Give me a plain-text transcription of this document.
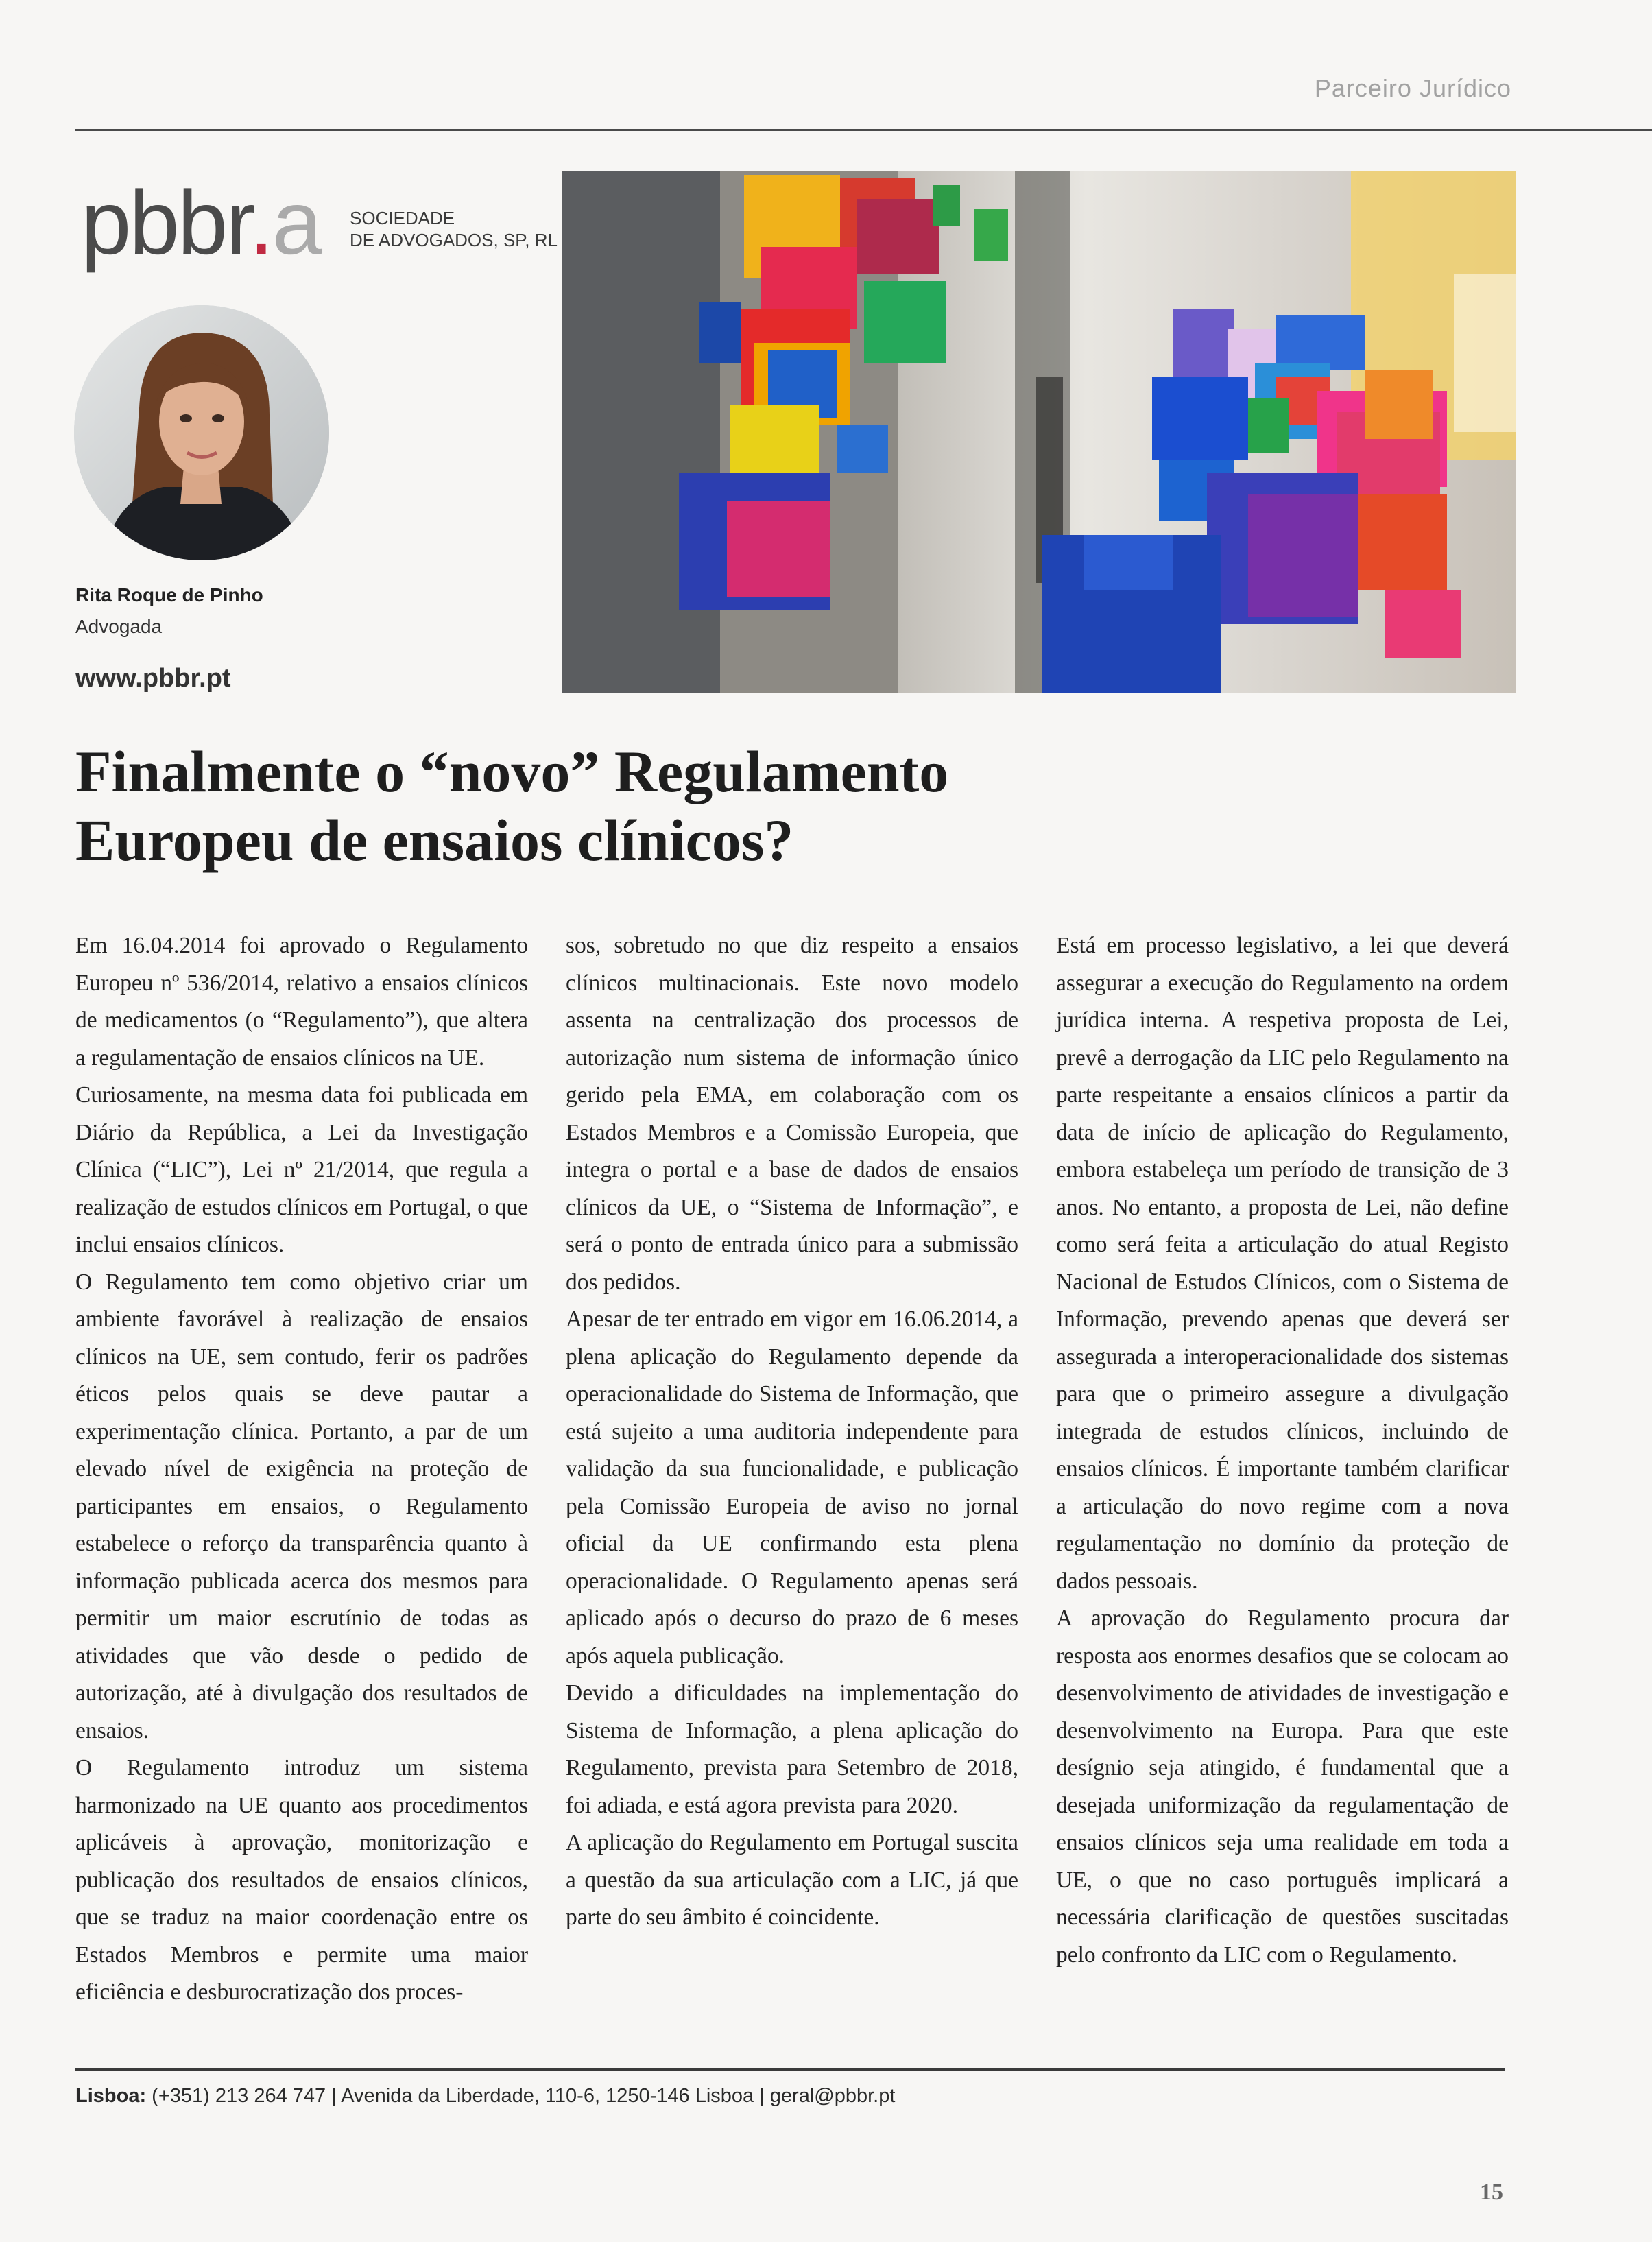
Parceiro Jurídico
pbbr.a SOCIEDADE
DE ADVOGADOS, SP, RL
Rita Roque de Pinho
Advogada
www.pbbr.pt
Finalmente o “novo” Regulamento
Europeu de ensaios clínicos?

Em 16.04.2014 foi aprovado o Regulamento Europeu nº 536/2014, relativo a ensaios clínicos de medicamentos (o “Regulamento”), que altera a regulamentação de ensaios clínicos na UE.

Curiosamente, na mesma data foi publicada em Diário da República, a Lei da Investigação Clínica (“LIC”), Lei nº 21/2014, que regula a realização de estudos clínicos em Portugal, o que inclui ensaios clínicos.

O Regulamento tem como objetivo criar um ambiente favorável à realização de ensaios clínicos na UE, sem contudo, ferir os padrões éticos pelos quais se deve pautar a experimentação clínica. Portanto, a par de um elevado nível de exigência na proteção de participantes em ensaios, o Regulamento estabelece o reforço da transparência quanto à informação publicada acerca dos mesmos para permitir um maior escrutínio de todas as atividades que vão desde o pedido de autorização, até à divulgação dos resultados de ensaios.

O Regulamento introduz um sistema harmonizado na UE quanto aos procedimentos aplicáveis à aprovação, monitorização e publicação dos resultados de ensaios clínicos, que se traduz na maior coordenação entre os Estados Membros e permite uma maior eficiência e desburocratização dos proces-

sos, sobretudo no que diz respeito a ensaios clínicos multinacionais. Este novo modelo assenta na centralização dos processos de autorização num sistema de informação único gerido pela EMA, em colaboração com os Estados Membros e a Comissão Europeia, que integra o portal e a base de dados de ensaios clínicos da UE, o “Sistema de Informação”, e será o ponto de entrada único para a submissão dos pedidos.

Apesar de ter entrado em vigor em 16.06.2014, a plena aplicação do Regulamento depende da operacionalidade do Sistema de Informação, que está sujeito a uma auditoria independente para validação da sua funcionalidade, e publicação pela Comissão Europeia de aviso no jornal oficial da UE confirmando esta plena operacionalidade. O Regulamento apenas será aplicado após o decurso do prazo de 6 meses após aquela publicação.

Devido a dificuldades na implementação do Sistema de Informação, a plena aplicação do Regulamento, prevista para Setembro de 2018, foi adiada, e está agora prevista para 2020.

A aplicação do Regulamento em Portugal suscita a questão da sua articulação com a LIC, já que parte do seu âmbito é coincidente.

Está em processo legislativo, a lei que deverá assegurar a execução do Regulamento na ordem jurídica interna. A respetiva proposta de Lei, prevê a derrogação da LIC pelo Regulamento na parte respeitante a ensaios clínicos a partir da data de início de aplicação do Regulamento, embora estabeleça um período de transição de 3 anos. No entanto, a proposta de Lei, não define como será feita a articulação do atual Registo Nacional de Estudos Clínicos, com o Sistema de Informação, prevendo apenas que deverá ser assegurada a interoperacionalidade dos sistemas para que o primeiro assegure a divulgação integrada de estudos clínicos, incluindo de ensaios clínicos. É importante também clarificar a articulação do novo regime com a nova regulamentação no domínio da proteção de dados pessoais.

A aprovação do Regulamento procura dar resposta aos enormes desafios que se colocam ao desenvolvimento de atividades de investigação e desenvolvimento na Europa. Para que este desígnio seja atingido, é fundamental que a desejada uniformização da regulamentação de ensaios clínicos seja uma realidade em toda a UE, o que no caso português implicará a necessária clarificação de questões suscitadas pelo confronto da LIC com o Regulamento.

Lisboa: (+351) 213 264 747 | Avenida da Liberdade, 110-6, 1250-146 Lisboa | geral@pbbr.pt
15
